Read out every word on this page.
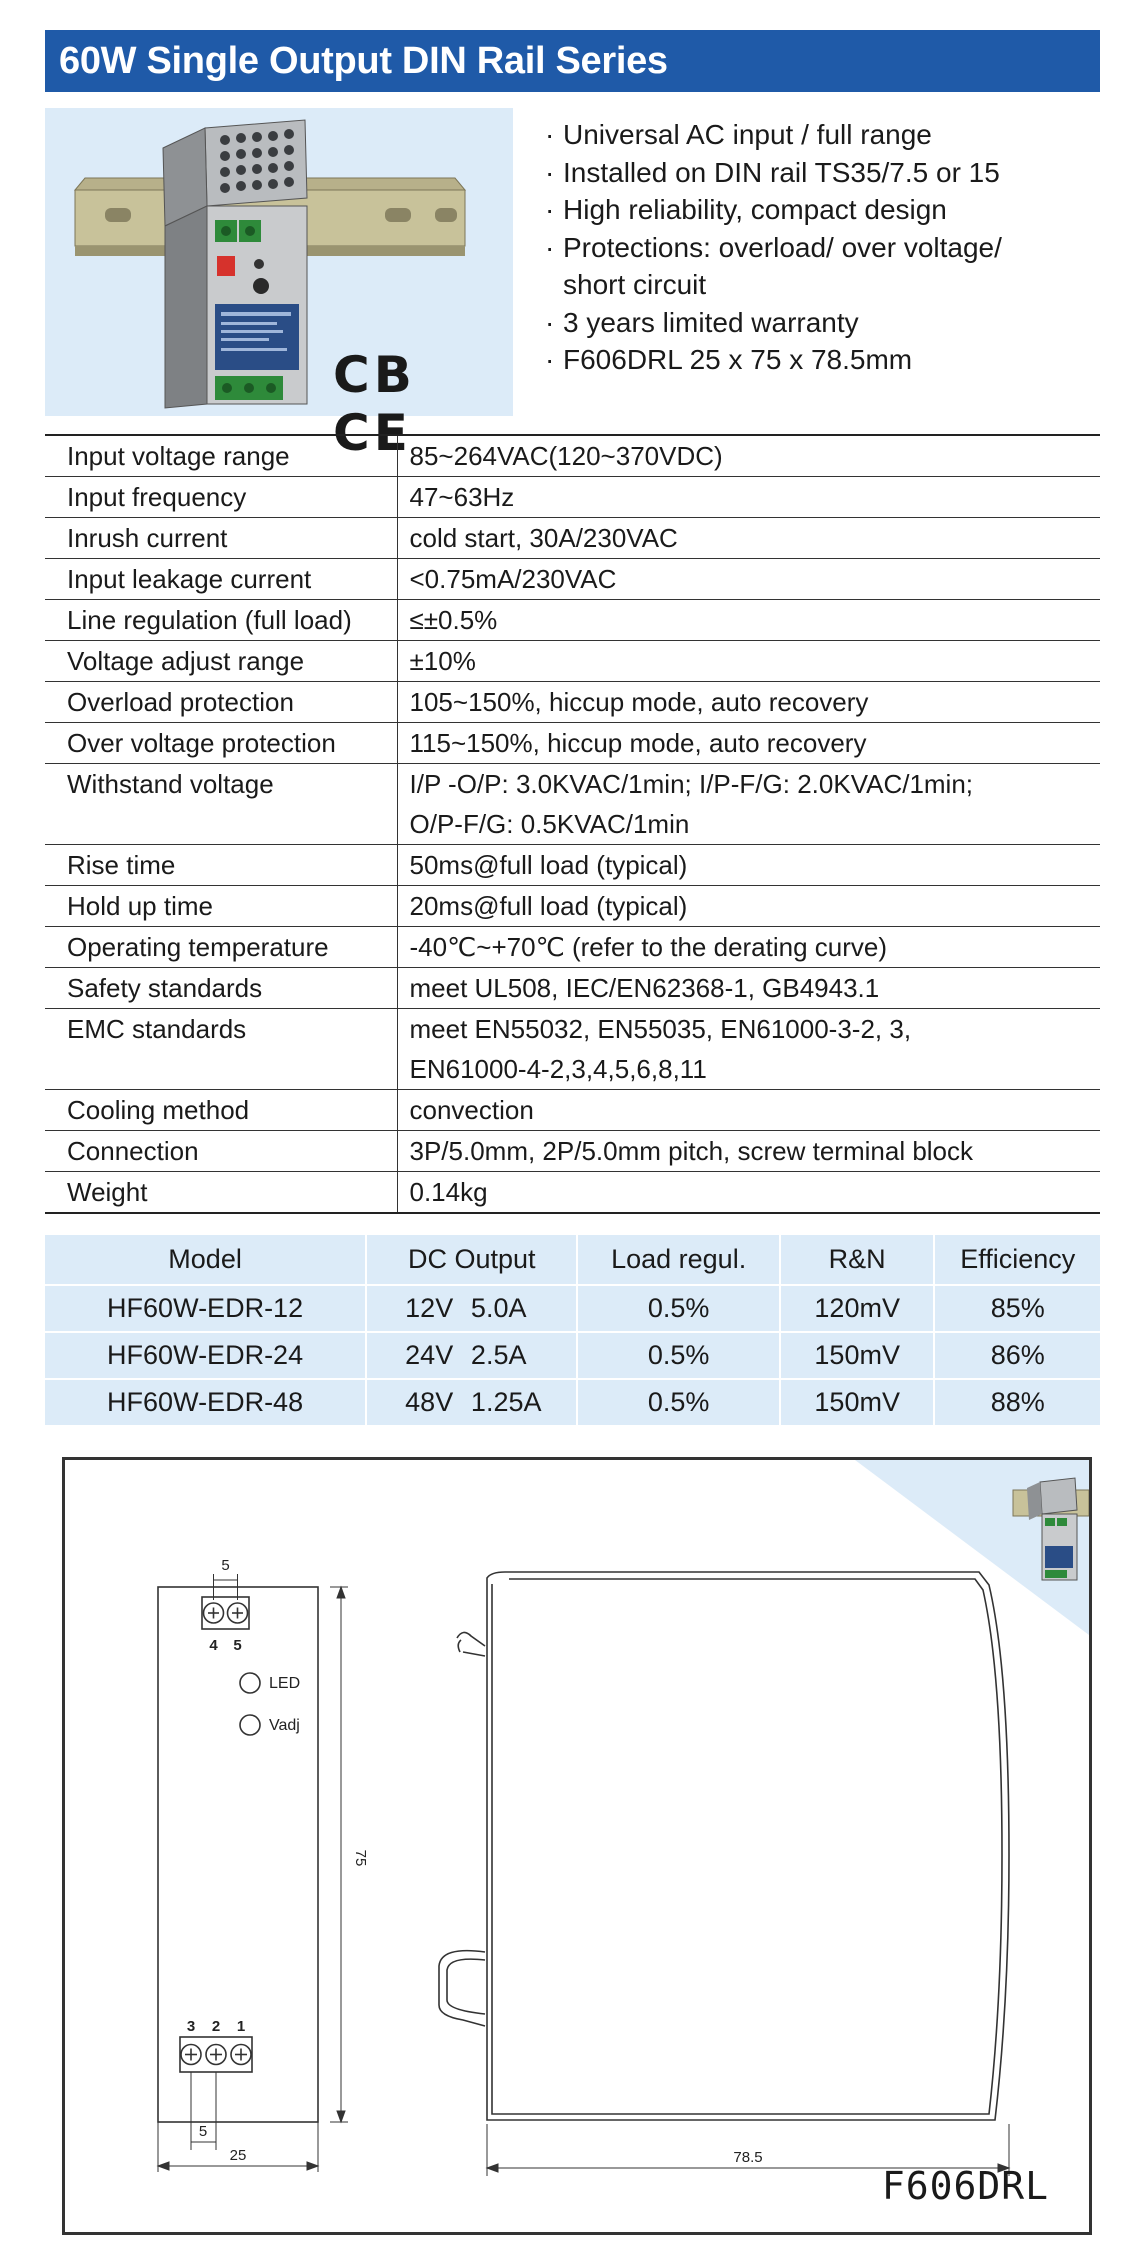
60W Single Output DIN Rail Series
CB CE
· Universal AC input / full range
· Installed on DIN rail TS35/7.5 or 15
· High reliability, compact design
· Protections: overload/ over voltage/
short circuit
· 3 years limited warranty
· F606DRL 25 x 75 x 78.5mm
Input voltage range	85~264VAC(120~370VDC)

Input frequency	47~63Hz

Inrush current	cold start, 30A/230VAC

Input leakage current	<0.75mA/230VAC

Line regulation (full load)	≤±0.5%

Voltage adjust range	±10%

Overload protection	105~150%, hiccup mode, auto recovery

Over voltage protection	115~150%, hiccup mode, auto recovery

Withstand voltage	I/P -O/P: 3.0KVAC/1min; I/P-F/G: 2.0KVAC/1min;
O/P-F/G: 0.5KVAC/1min

Rise time	50ms@full load (typical)

Hold up time	20ms@full load (typical)

Operating temperature	-40℃~+70℃ (refer to the derating curve)

Safety standards	meet UL508, IEC/EN62368-1, GB4943.1

EMC standards	meet EN55032, EN55035, EN61000-3-2, 3,
EN61000-4-2,3,4,5,6,8,11

Cooling method	convection

Connection	3P/5.0mm, 2P/5.0mm pitch, screw terminal block

Weight	0.14kg
Model	DC Output		Load regul.	R&N	Efficiency
HF60W-EDR-12	12V	5.0A	0.5%	120mV	85%
HF60W-EDR-24	24V	2.5A	0.5%	150mV	86%
HF60W-EDR-48	48V	1.25A	0.5%	150mV	88%
5
4 5
LED
Vadj
75
3 2 1
5
25	78.5
F606DRL
